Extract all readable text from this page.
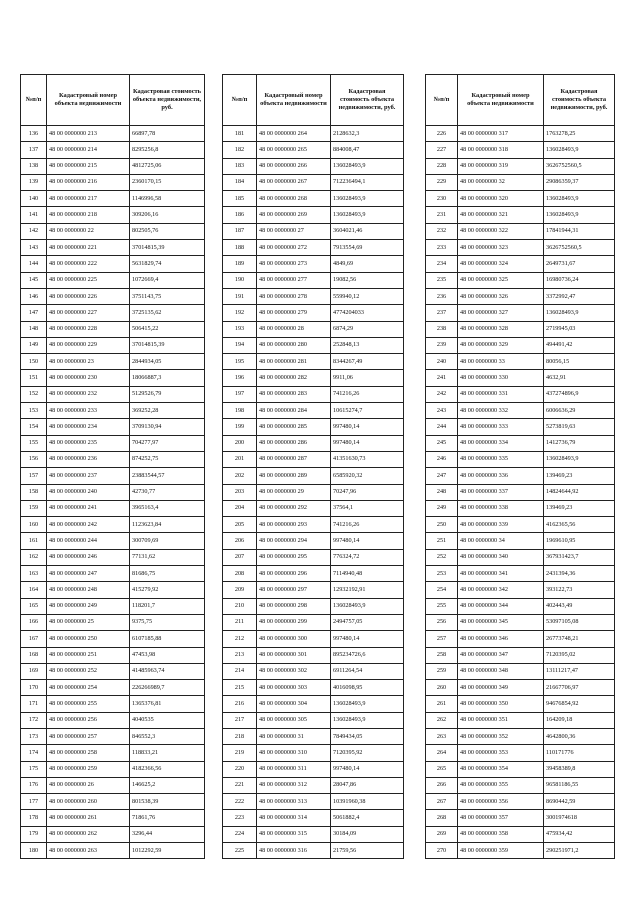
№п/п	Кадастровый номер объекта недвижимости	Кадастровая стоимость объекта недвижимости, руб.
136	48 00 0000000 213	66897,78
137	48 00 0000000 214	8295256,8
138	48 00 0000000 215	4812725,06
139	48 00 0000000 216	2360170,15
140	48 00 0000000 217	1146996,58
141	48 00 0000000 218	309206,16
142	48 00 0000000 22	802505,76
143	48 00 0000000 221	37014815,39
144	48 00 0000000 222	5631829,74
145	48 00 0000000 225	1072669,4
146	48 00 0000000 226	3751143,75
147	48 00 0000000 227	3725135,62
148	48 00 0000000 228	506415,22
149	48 00 0000000 229	37014815,39
150	48 00 0000000 23	2844934,05
151	48 00 0000000 230	18066887,3
152	48 00 0000000 232	5129526,79
153	48 00 0000000 233	369252,28
154	48 00 0000000 234	3709130,94
155	48 00 0000000 235	704277,97
156	48 00 0000000 236	874252,75
157	48 00 0000000 237	23883544,57
158	48 00 0000000 240	42730,77
159	48 00 0000000 241	3965163,4
160	48 00 0000000 242	1123623,84
161	48 00 0000000 244	300709,69
162	48 00 0000000 246	77131,62
163	48 00 0000000 247	81686,75
164	48 00 0000000 248	415279,92
165	48 00 0000000 249	118201,7
166	48 00 0000000 25	9375,75
167	48 00 0000000 250	6107185,88
168	48 00 0000000 251	47453,98
169	48 00 0000000 252	41485963,74
170	48 00 0000000 254	226266989,7
171	48 00 0000000 255	1365376,81
172	48 00 0000000 256	4040535
173	48 00 0000000 257	846552,3
174	48 00 0000000 258	118833,21
175	48 00 0000000 259	4182366,56
176	48 00 0000000 26	146625,2
177	48 00 0000000 260	801538,39
178	48 00 0000000 261	71861,76
179	48 00 0000000 262	3296,44
180	48 00 0000000 263	1012292,59
№п/п	Кадастровый номер объекта недвижимости	Кадастровая стоимость объекта недвижимости, руб.
181	48 00 0000000 264	2128632,3
182	48 00 0000000 265	884008,47
183	48 00 0000000 266	136028493,9
184	48 00 0000000 267	712236494,1
185	48 00 0000000 268	136028493,9
186	48 00 0000000 269	136028493,9
187	48 00 0000000 27	3604021,46
188	48 00 0000000 272	7913554,69
189	48 00 0000000 273	4849,69
190	48 00 0000000 277	19082,56
191	48 00 0000000 278	559940,12
192	48 00 0000000 279	4774204033
193	48 00 0000000 28	6874,29
194	48 00 0000000 280	252848,13
195	48 00 0000000 281	8344267,49
196	48 00 0000000 282	9911,06
197	48 00 0000000 283	741216,26
198	48 00 0000000 284	10615274,7
199	48 00 0000000 285	997480,14
200	48 00 0000000 286	997480,14
201	48 00 0000000 287	41351630,73
202	48 00 0000000 289	6585920,32
203	48 00 0000000 29	70247,96
204	48 00 0000000 292	37564,1
205	48 00 0000000 293	741216,26
206	48 00 0000000 294	997480,14
207	48 00 0000000 295	776324,72
208	48 00 0000000 296	7114940,48
209	48 00 0000000 297	12932192,91
210	48 00 0000000 298	136028493,9
211	48 00 0000000 299	2494757,05
212	48 00 0000000 300	997480,14
213	48 00 0000000 301	895234726,6
214	48 00 0000000 302	6911264,54
215	48 00 0000000 303	4016098,95
216	48 00 0000000 304	136028493,9
217	48 00 0000000 305	136028493,9
218	48 00 0000000 31	7849434,05
219	48 00 0000000 310	7120395,92
220	48 00 0000000 311	997480,14
221	48 00 0000000 312	28047,86
222	48 00 0000000 313	10391960,38
223	48 00 0000000 314	5061882,4
224	48 00 0000000 315	30184,09
225	48 00 0000000 316	21759,56
№п/п	Кадастровый номер объекта недвижимости	Кадастровая стоимость объекта недвижимости, руб.
226	48 00 0000000 317	1763278,25
227	48 00 0000000 318	136028493,9
228	48 00 0000000 319	3626752560,5
229	48 00 0000000 32	29086359,37
230	48 00 0000000 320	136028493,9
231	48 00 0000000 321	136028493,9
232	48 00 0000000 322	17841944,31
233	48 00 0000000 323	3626752560,5
234	48 00 0000000 324	2649731,67
235	48 00 0000000 325	16980736,24
236	48 00 0000000 326	3372992,47
237	48 00 0000000 327	136028493,9
238	48 00 0000000 328	2719945,03
239	48 00 0000000 329	494491,42
240	48 00 0000000 33	80056,15
241	48 00 0000000 330	4632,91
242	48 00 0000000 331	437274896,9
243	48 00 0000000 332	6006636,29
244	48 00 0000000 333	5273819,63
245	48 00 0000000 334	1412736,79
246	48 00 0000000 335	136028493,9
247	48 00 0000000 336	139469,23
248	48 00 0000000 337	14824644,92
249	48 00 0000000 338	139469,23
250	48 00 0000000 339	4162365,56
251	48 00 0000000 34	1969610,95
252	48 00 0000000 340	367931423,7
253	48 00 0000000 341	2431394,36
254	48 00 0000000 342	393122,73
255	48 00 0000000 344	402443,49
256	48 00 0000000 345	53097105,08
257	48 00 0000000 346	26773748,21
258	48 00 0000000 347	7120395,02
259	48 00 0000000 348	13111217,47
260	48 00 0000000 349	21667706,97
261	48 00 0000000 350	94676854,92
262	48 00 0000000 351	164209,18
263	48 00 0000000 352	4642800,36
264	48 00 0000000 353	110171776
265	48 00 0000000 354	39458389,8
266	48 00 0000000 355	96581186,55
267	48 00 0000000 356	8690442,59
268	48 00 0000000 357	3001974618
269	48 00 0000000 358	475934,42
270	48 00 0000000 359	290251971,2
